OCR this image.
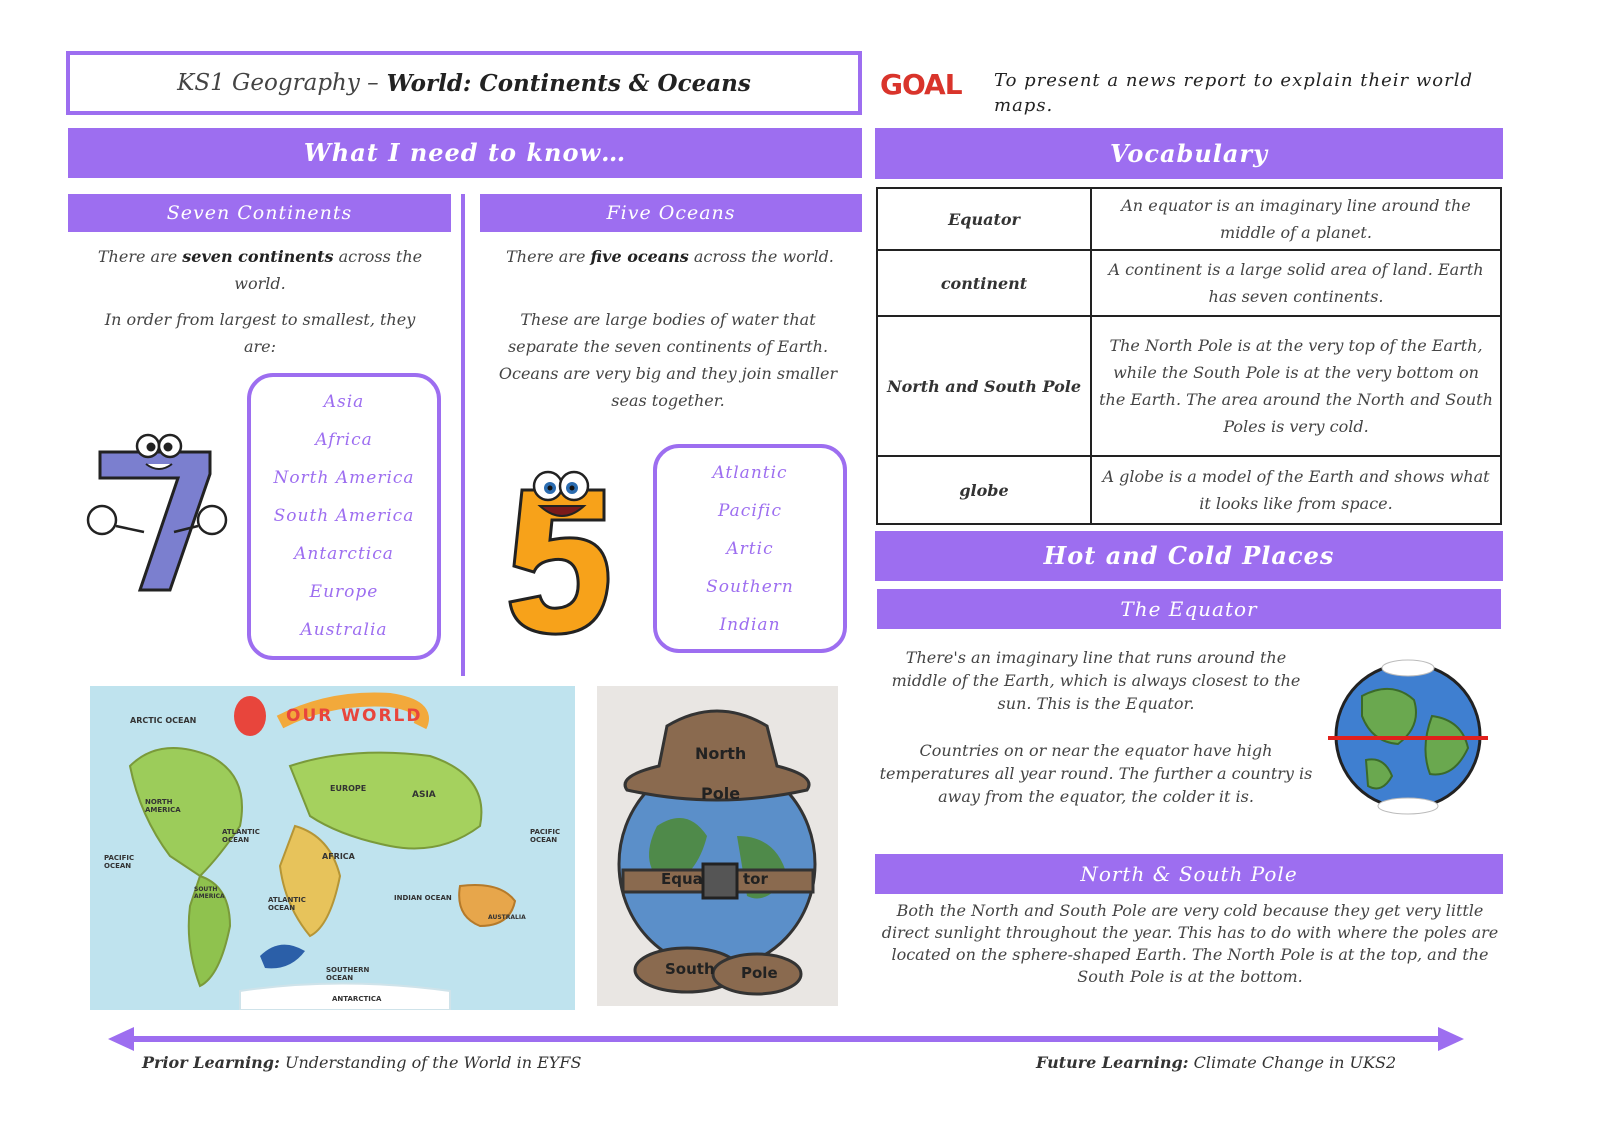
KS1 Geography – World: Continents & Oceans	GOAL To present a news report to explain their world maps.
What I need to know…
Seven Continents
There are seven continents across the world.
In order from largest to smallest, they are:
Asia
Africa
North America
South America
Antarctica
Europe
Australia
Five Oceans
There are five oceans across the world.
These are large bodies of water that separate the seven continents of Earth. Oceans are very big and they join smaller seas together.
Atlantic
Pacific
Artic
Southern
Indian
OUR WORLD
ARCTIC OCEAN
NORTH AMERICA
EUROPE
ASIA
ATLANTIC OCEAN
PACIFIC OCEAN
AFRICA
PACIFIC OCEAN
SOUTH AMERICA	ATLANTIC OCEAN
INDIAN OCEAN
AUSTRALIA
SOUTHERN OCEAN
ANTARCTICA
North
Pole
Equa	tor
South Pole
Vocabulary
Equator	An equator is an imaginary line around the middle of a planet.
continent	A continent is a large solid area of land. Earth has seven continents.
North and South Pole	The North Pole is at the very top of the Earth, while the South Pole is at the very bottom on the Earth. The area around the North and South Poles is very cold.
globe	A globe is a model of the Earth and shows what it looks like from space.
Hot and Cold Places
The Equator
There's an imaginary line that runs around the middle of the Earth, which is always closest to the sun. This is the Equator.
Countries on or near the equator have high temperatures all year round. The further a country is away from the equator, the colder it is.
North & South Pole
Both the North and South Pole are very cold because they get very little direct sunlight throughout the year. This has to do with where the poles are located on the sphere-shaped Earth. The North Pole is at the top, and the South Pole is at the bottom.
Prior Learning: Understanding of the World in EYFS	Future Learning: Climate Change in UKS2
